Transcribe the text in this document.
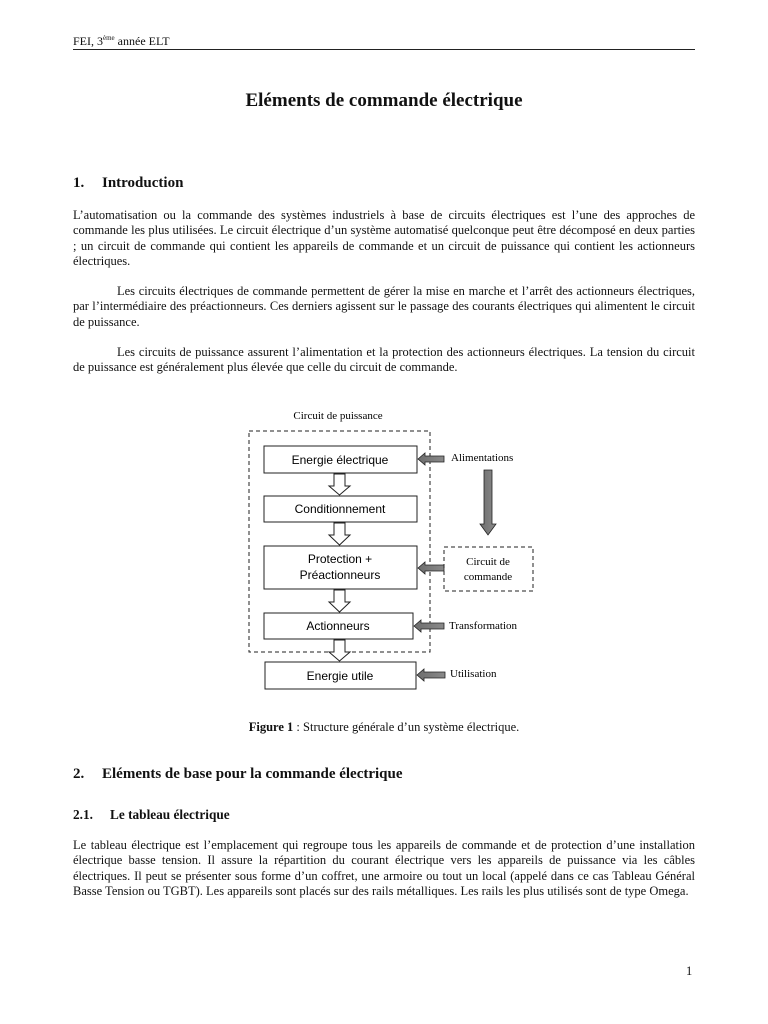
FEI, 3ème année ELT
Eléments de commande électrique
1. Introduction

L’automatisation ou la commande des systèmes industriels à base de circuits électriques est l’une des approches de commande les plus utilisées. Le circuit électrique d’un système automatisé quelconque peut être décomposé en deux parties ; un circuit de commande qui contient les appareils de commande et un circuit de puissance qui contient les actionneurs électriques.

Les circuits électriques de commande permettent de gérer la mise en marche et l’arrêt des actionneurs électriques, par l’intermédiaire des préactionneurs. Ces derniers agissent sur le passage des courants électriques qui alimentent le circuit de puissance.

Les circuits de puissance assurent l’alimentation et la protection des actionneurs électriques. La tension du circuit de puissance est généralement plus élevée que celle du circuit de commande.

Circuit de puissance
Energie électrique
Conditionnement
Protection +
Préactionneurs
Actionneurs
Energie utile
Alimentations
Circuit de
commande
Transformation
Utilisation
Figure 1 : Structure générale d’un système électrique.
2. Eléments de base pour la commande électrique
2.1. Le tableau électrique

Le tableau électrique est l’emplacement qui regroupe tous les appareils de commande et de protection d’une installation électrique basse tension. Il assure la répartition du courant électrique vers les appareils de puissance via les câbles électriques. Il peut se présenter sous forme d’un coffret, une armoire ou tout un local (appelé dans ce cas Tableau Général Basse Tension ou TGBT). Les appareils sont placés sur des rails métalliques. Les rails les plus utilisés sont de type Omega.

1
